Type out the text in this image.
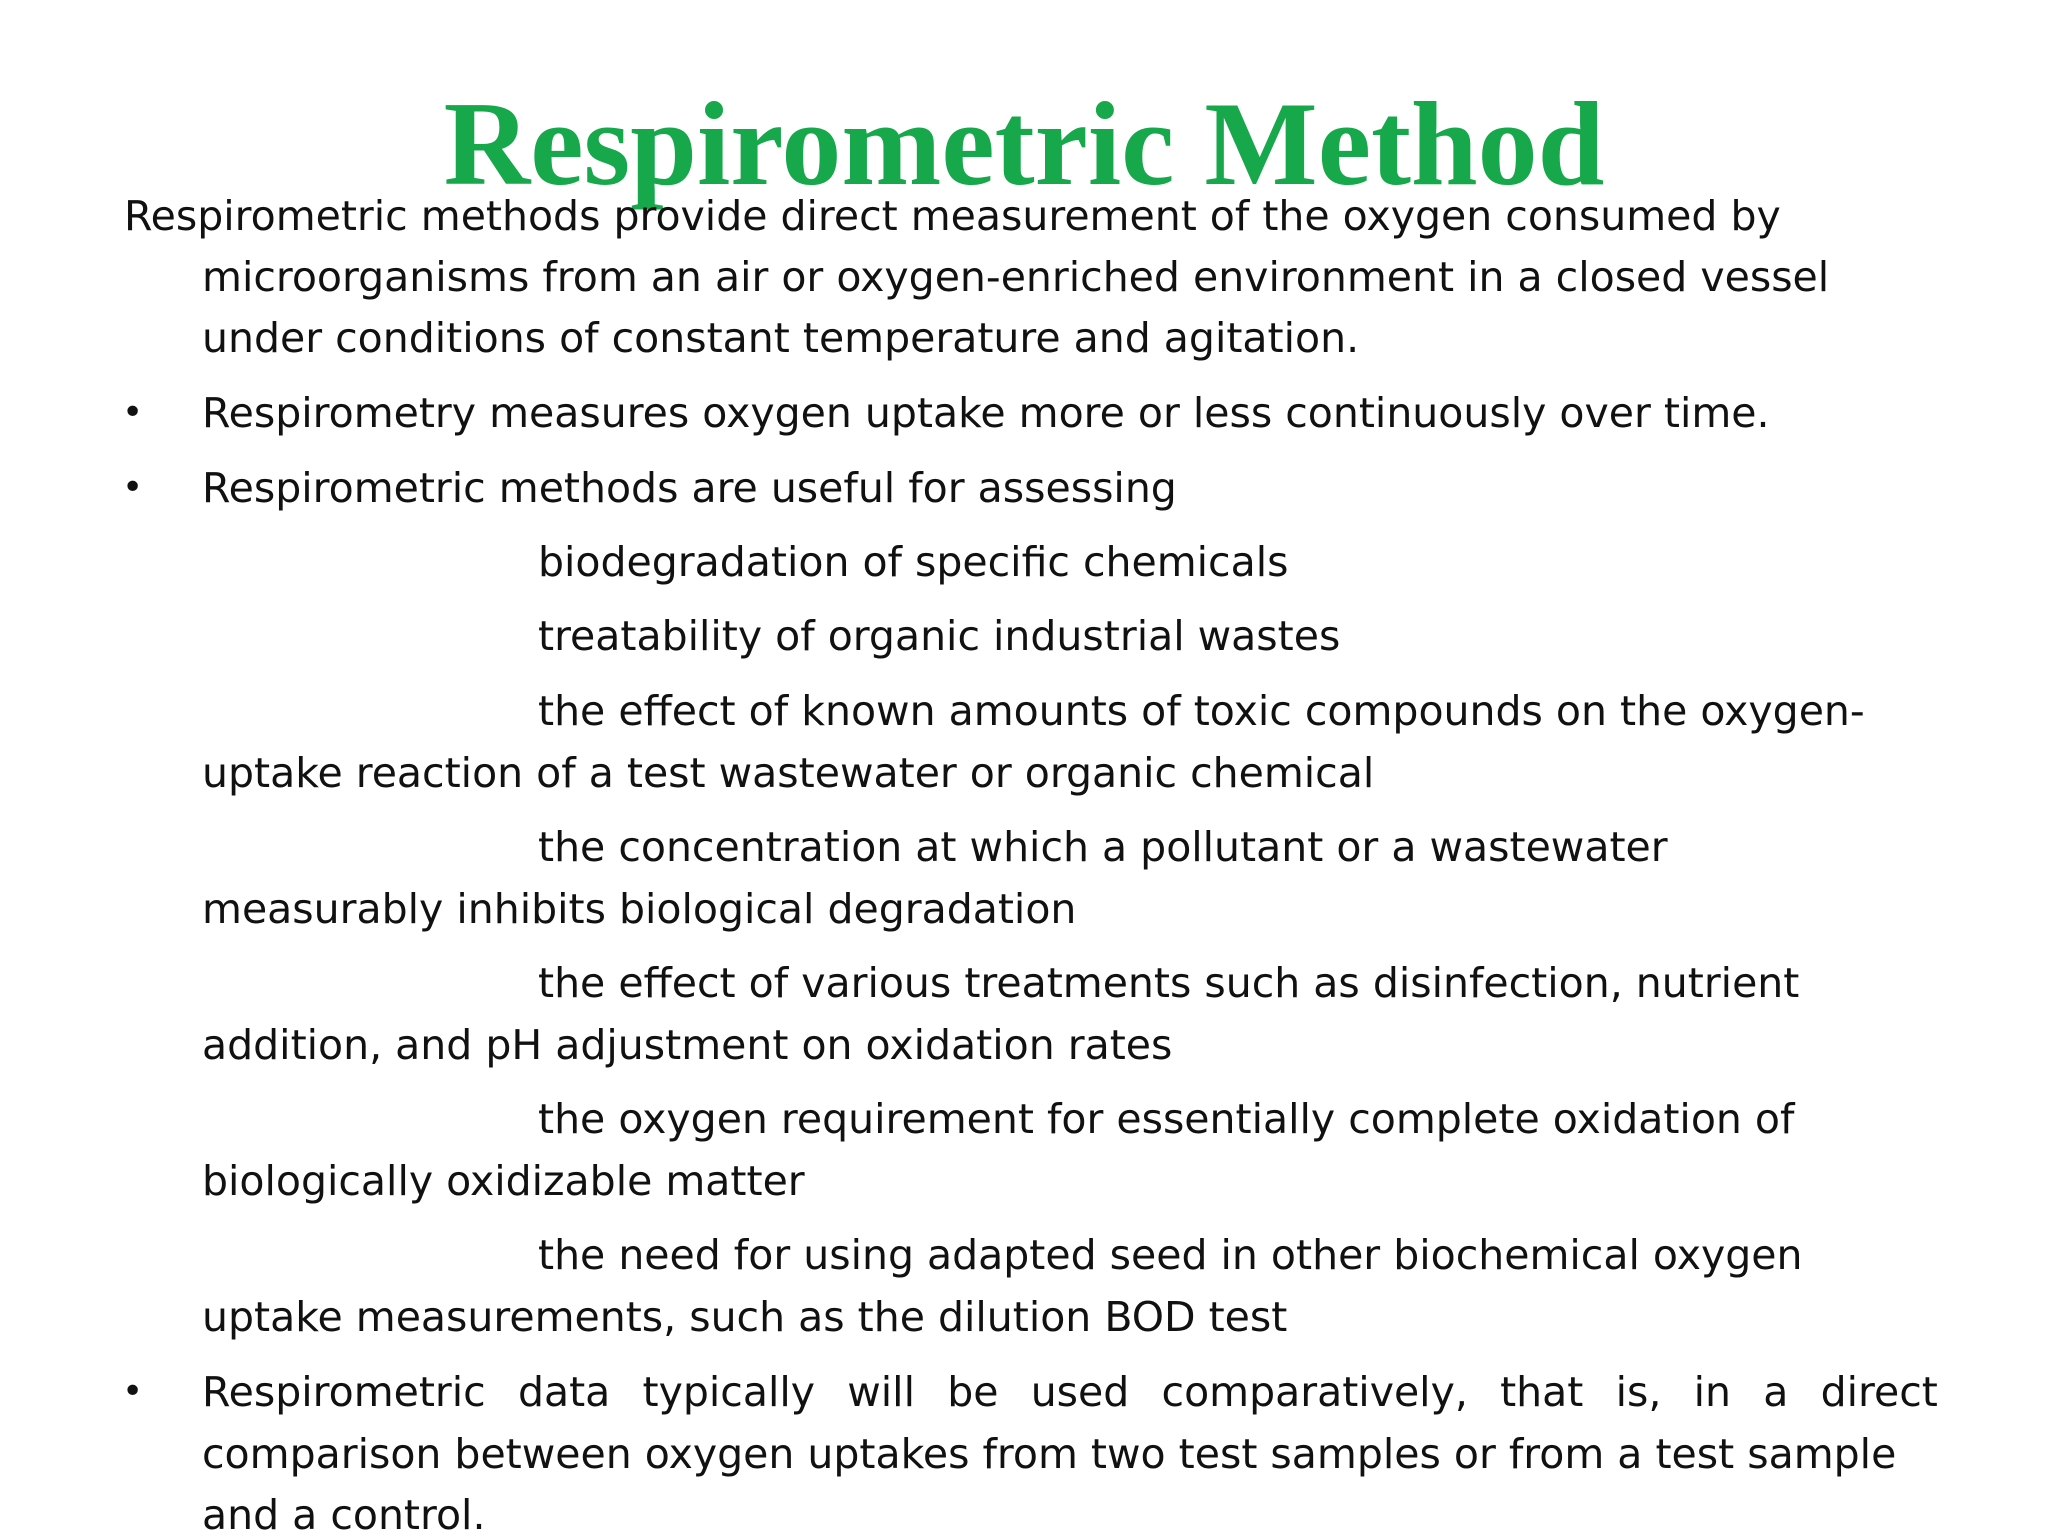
Respirometric Method
Respirometric methods provide direct measurement of the oxygen consumed by
microorganisms from an air or oxygen-enriched environment in a closed vessel
under conditions of constant temperature and agitation.
• Respirometry measures oxygen uptake more or less continuously over time.
• Respirometric methods are useful for assessing
biodegradation of specific chemicals
treatability of organic industrial wastes
the effect of known amounts of toxic compounds on the oxygen-
uptake reaction of a test wastewater or organic chemical
the concentration at which a pollutant or a wastewater
measurably inhibits biological degradation
the effect of various treatments such as disinfection, nutrient
addition, and pH adjustment on oxidation rates
the oxygen requirement for essentially complete oxidation of
biologically oxidizable matter
the need for using adapted seed in other biochemical oxygen
uptake measurements, such as the dilution BOD test
• Respirometric data typically will be used comparatively, that is, in a direct
comparison between oxygen uptakes from two test samples or from a test sample
and a control.
